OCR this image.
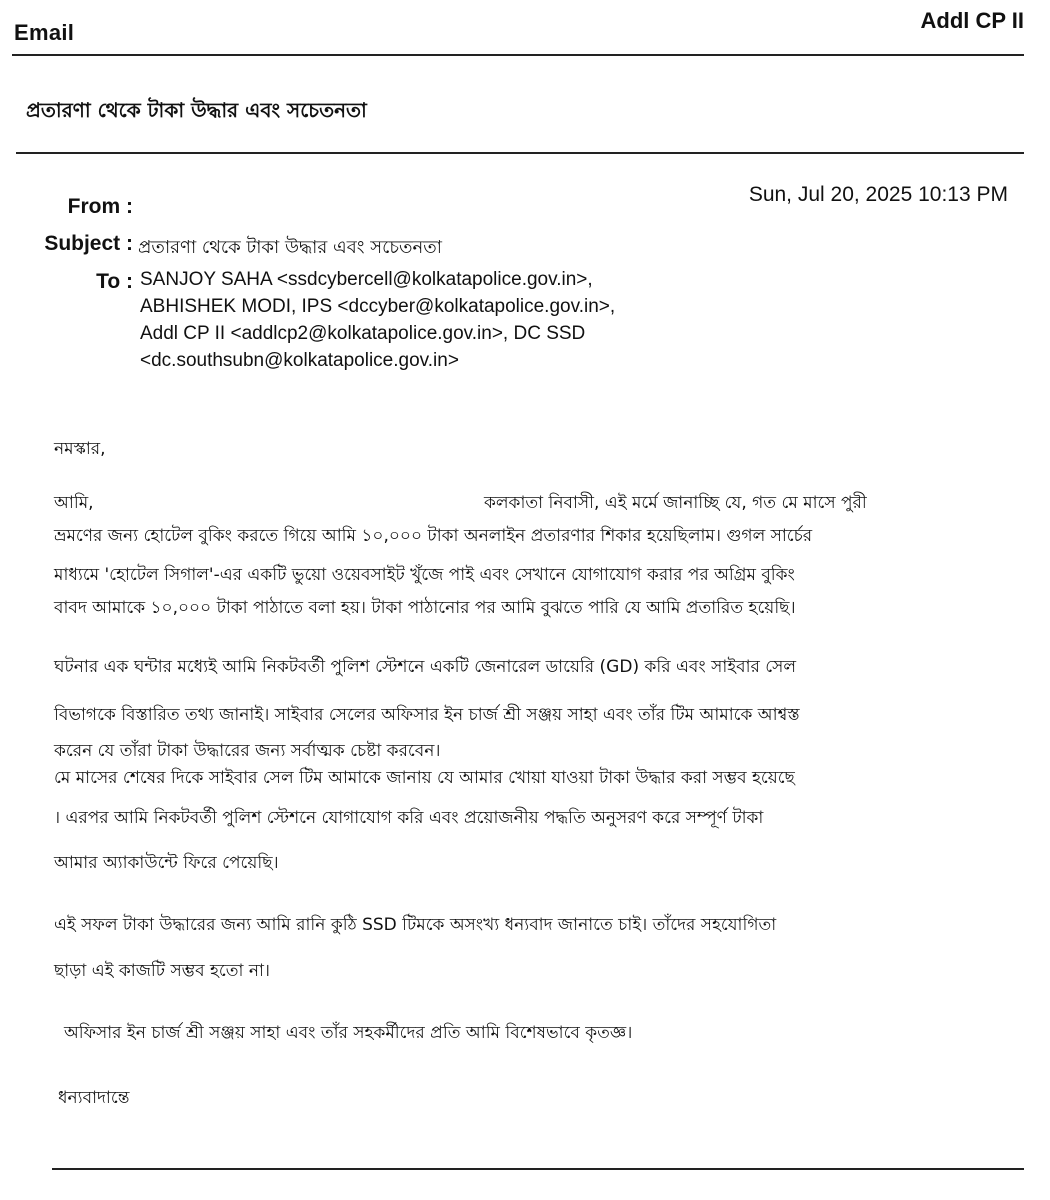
Email	Addl CP II
প্রতারণা থেকে টাকা উদ্ধার এবং সচেতনতা
From :
Sun, Jul 20, 2025 10:13 PM
Subject : প্রতারণা থেকে টাকা উদ্ধার এবং সচেতনতা
To : SANJOY SAHA <ssdcybercell@kolkatapolice.gov.in>,
ABHISHEK MODI, IPS <dccyber@kolkatapolice.gov.in>,
Addl CP II <addlcp2@kolkatapolice.gov.in>, DC SSD
<dc.southsubn@kolkatapolice.gov.in>
নমস্কার,
আমি,	কলকাতা নিবাসী, এই মর্মে জানাচ্ছি যে, গত মে মাসে পুরী
ভ্রমণের জন্য হোটেল বুকিং করতে গিয়ে আমি ১০,০০০ টাকা অনলাইন প্রতারণার শিকার হয়েছিলাম। গুগল সার্চের
মাধ্যমে 'হোটেল সিগাল'-এর একটি ভুয়ো ওয়েবসাইট খুঁজে পাই এবং সেখানে যোগাযোগ করার পর অগ্রিম বুকিং
বাবদ আমাকে ১০,০০০ টাকা পাঠাতে বলা হয়। টাকা পাঠানোর পর আমি বুঝতে পারি যে আমি প্রতারিত হয়েছি।
ঘটনার এক ঘন্টার মধ্যেই আমি নিকটবর্তী পুলিশ স্টেশনে একটি জেনারেল ডায়েরি (GD) করি এবং সাইবার সেল
বিভাগকে বিস্তারিত তথ্য জানাই। সাইবার সেলের অফিসার ইন চার্জ শ্রী সঞ্জয় সাহা এবং তাঁর টিম আমাকে আশ্বস্ত
করেন যে তাঁরা টাকা উদ্ধারের জন্য সর্বাত্মক চেষ্টা করবেন।
মে মাসের শেষের দিকে সাইবার সেল টিম আমাকে জানায় যে আমার খোয়া যাওয়া টাকা উদ্ধার করা সম্ভব হয়েছে
। এরপর আমি নিকটবর্তী পুলিশ স্টেশনে যোগাযোগ করি এবং প্রয়োজনীয় পদ্ধতি অনুসরণ করে সম্পূর্ণ টাকা
আমার অ্যাকাউন্টে ফিরে পেয়েছি।
এই সফল টাকা উদ্ধারের জন্য আমি রানি কুঠি SSD টিমকে অসংখ্য ধন্যবাদ জানাতে চাই। তাঁদের সহযোগিতা
ছাড়া এই কাজটি সম্ভব হতো না।
অফিসার ইন চার্জ শ্রী সঞ্জয় সাহা এবং তাঁর সহকর্মীদের প্রতি আমি বিশেষভাবে কৃতজ্ঞ।
ধন্যবাদান্তে
